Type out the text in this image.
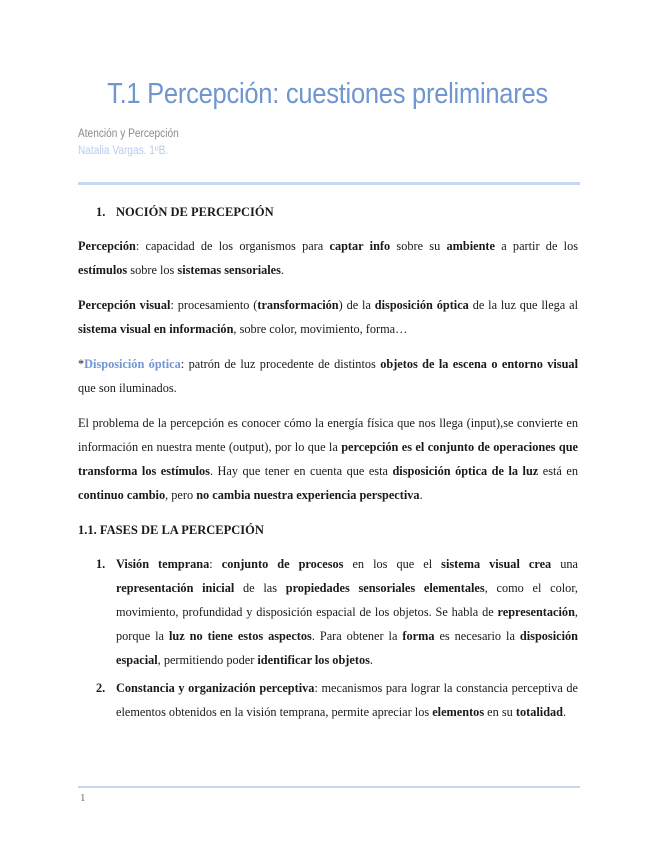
T.1 Percepción: cuestiones preliminares
Atención y Percepción
Natalia Vargas. 1ºB.
1. NOCIÓN DE PERCEPCIÓN

Percepción: capacidad de los organismos para captar info sobre su ambiente a partir de los estímulos sobre los sistemas sensoriales.

Percepción visual: procesamiento (transformación) de la disposición óptica de la luz que llega al sistema visual en información, sobre color, movimiento, forma…

*Disposición óptica: patrón de luz procedente de distintos objetos de la escena o entorno visual que son iluminados.

El problema de la percepción es conocer cómo la energía física que nos llega (input),se convierte en información en nuestra mente (output), por lo que la percepción es el conjunto de operaciones que transforma los estímulos. Hay que tener en cuenta que esta disposición óptica de la luz está en continuo cambio, pero no cambia nuestra experiencia perspectiva.

1.1. FASES DE LA PERCEPCIÓN
1. Visión temprana: conjunto de procesos en los que el sistema visual crea una representación inicial de las propiedades sensoriales elementales, como el color, movimiento, profundidad y disposición espacial de los objetos. Se habla de representación, porque la luz no tiene estos aspectos. Para obtener la forma es necesario la disposición espacial, permitiendo poder identificar los objetos.
2. Constancia y organización perceptiva: mecanismos para lograr la constancia perceptiva de elementos obtenidos en la visión temprana, permite apreciar los elementos en su totalidad.
1
